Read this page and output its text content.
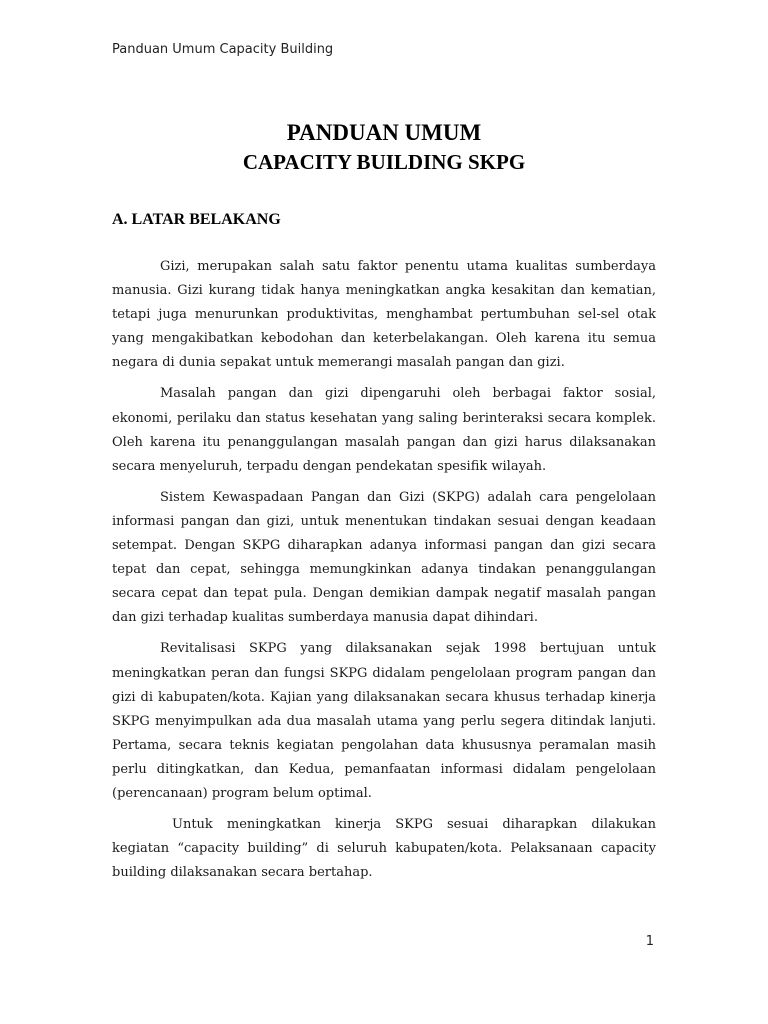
Panduan Umum Capacity Building
PANDUAN UMUM
CAPACITY BUILDING SKPG
A. LATAR BELAKANG

Gizi, merupakan salah satu faktor penentu utama kualitas sumberdaya manusia. Gizi kurang tidak hanya meningkatkan angka kesakitan dan kematian, tetapi juga menurunkan produktivitas, menghambat pertumbuhan sel-sel otak yang mengakibatkan kebodohan dan keterbelakangan. Oleh karena itu semua negara di dunia sepakat untuk memerangi masalah pangan dan gizi.

Masalah pangan dan gizi dipengaruhi oleh berbagai faktor sosial, ekonomi, perilaku dan status kesehatan yang saling berinteraksi secara komplek. Oleh karena itu penanggulangan masalah pangan dan gizi harus dilaksanakan secara menyeluruh, terpadu dengan pendekatan spesifik wilayah.

Sistem Kewaspadaan Pangan dan Gizi (SKPG) adalah cara pengelolaan informasi pangan dan gizi, untuk menentukan tindakan sesuai dengan keadaan setempat. Dengan SKPG diharapkan adanya informasi pangan dan gizi secara tepat dan cepat, sehingga memungkinkan adanya tindakan penanggulangan secara cepat dan tepat pula. Dengan demikian dampak negatif masalah pangan dan gizi terhadap kualitas sumberdaya manusia dapat dihindari.

Revitalisasi SKPG yang dilaksanakan sejak 1998 bertujuan untuk meningkatkan peran dan fungsi SKPG didalam pengelolaan program pangan dan gizi di kabupaten/kota. Kajian yang dilaksanakan secara khusus terhadap kinerja SKPG menyimpulkan ada dua masalah utama yang perlu segera ditindak lanjuti. Pertama, secara teknis kegiatan pengolahan data khususnya peramalan masih perlu ditingkatkan, dan Kedua, pemanfaatan informasi didalam pengelolaan (perencanaan) program belum optimal.

Untuk meningkatkan kinerja SKPG sesuai diharapkan dilakukan kegiatan “capacity building” di seluruh kabupaten/kota. Pelaksanaan capacity building dilaksanakan secara bertahap.

1
